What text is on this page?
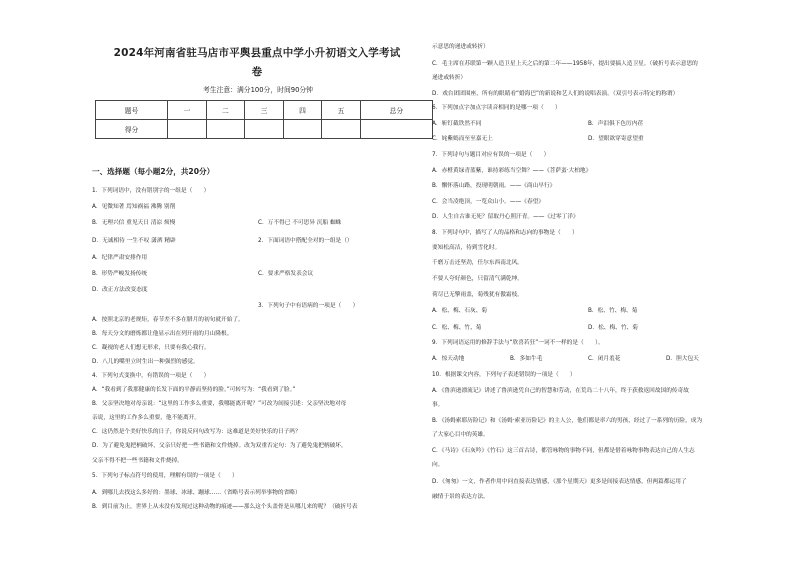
2024年河南省驻马店市平舆县重点中学小升初语文入学考试
卷
考生注意：满分100分，时间90分钟
题号	一	二	三	四	五	总分
得分						
一、选择题（每小题2分，共20分）
1．下列词语中，没有错别字的一组是（　　）
A．见微知著 焉知祸福 沸腾 别削
B．无理兴信 重见天日 清凉 烦慢	C．万不得已 不可思异 沉船 蜘蛛
D．无诚相待 一生不叹 潇洒 精辟	2．下面词语中搭配全对的一组是（）
A．纪律严肃安排作用
B．形势严峻发扬传统	C．要求严格发表会议
D．改正方法改变态度
3．下列句子中有语病的一项是（　　）
A．按照北京的老规矩，春节差不多在腊月的初旬就开始了。
B．每天分文的磨炼都让他显示出在列开雨的月山隆根。
C．凝视的老人们想无形求，只要有我心我行。
D．八儿的嘴里立时生出一种强烈的感觉。
4．下列句式变换中，有错误的一项是（　　）
A．“我看到了我那健康的长发下面的平静而坚持的脸。”可转写为：“我看到了脸。”
B．父亲坚决地对母亲说：“这里的工作多么重要，我哪能离开呢？”可改为间接引述：父亲坚决地对母
亲说，这里的工作多么重要，他不能离开。
C．这仍然是个美好快乐的日子，你说反问句改写为：这难道是美好快乐的日子吗？
D．为了避免鬼把柄破坏，父亲只好把一些书籍和文件烧掉。改为双重否定句：为了避免鬼把柄破坏，
父亲不得不把一些书籍和文件烧掉。
5．下列句子标点符号的使用，理解有误的一项是（　　）
A．到哪儿去找这么多好的：墨球、冰球、蹦球……（省略号表示列举事物的省略）
B．到目前为止，世界上从未没有发现过这种动物的痕迹——那么这个头盖骨是从哪儿来的呢？（破折号表
示意思的递进或转折）
C．毛主席在苏联第一颗人造卫星上天之后的第二年——1958年，提出要搞人造卫星。（破折号表示意思的
递进或转折）
D．戏台团团围座，所有的眼睛看“婚海巴”的新说和艺人们的说唱表演。（双引号表示特定的称谓）
6．下列加点字加点字读音相同的是哪一项（　　）
A．斩钉截铁然不同	B．声泪俱下色厉内荏
C．姹紫嫣而至至嘉无上	D．望眼欲穿寄意望重
7．下列诗句与题目对应有误的一项是（　　）
A．赤橙黄绿青蓝紫，谁持彩练当空舞？——《菩萨蛮·大柏地》
B．懈怀落山路，投现明朝雨。——《商山早行》
C．会当凌绝顶，一览众山小。——《春望》
D．人生自古谁无死？留取丹心照汗青。——《过零丁洋》
8．下列诗句中，描写了人的品格和志向的事物是（　　）
要知松高洁，待到雪化时。
千磨万击还坚劲，任尔东西南北风。
不要人夸好颜色，只留清气满乾坤。
荷尽已无擎雨盖，菊残犹有傲霜枝。
A．松、梅、石灰、菊	B．松、竹、梅、菊
C．松、梅、竹、菊	D．松、梅、竹、菊
9．下列词语运用的修辞手法与“欣喜若狂”一词不一样的是（　　）。
A．惊天动地	B．多如牛毛	C．闭月羞花	D．胆大包天
10．根据课文内容，下列句子表述错误的一项是（　　）
A．《鲁滨逊漂流记》讲述了鲁滨逊凭自己的智慧和劳动，在荒岛二十八年，终于获救返回故国的传奇故
事。
B．《汤姆索耶历险记》和《汤姆·索亚历险记》的主人公，他们都是率六的男孩，经过了一系列的历险，成为
了大家心目中的英雄。
C．《马诗》《石灰吟》《竹石》这三首古诗，都管咏物的事物不同，但都是借着咏物事物表达自己的人生志
向。
D．《匆匆》一文，作者作用中问直接表达情感，《那个星期天》更多是间接表达情感，但两篇都运用了
融情于景的表达方法。
